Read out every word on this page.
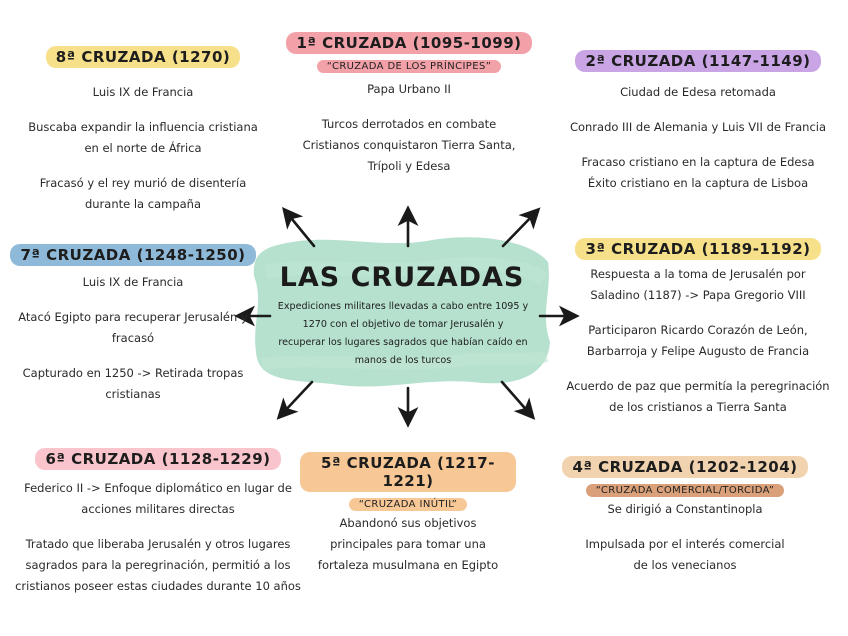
LAS CRUZADAS
Expediciones militares llevadas a cabo entre 1095 y
1270 con el objetivo de tomar Jerusalén y
recuperar los lugares sagrados que habían caído en
manos de los turcos
8ª CRUZADA (1270)
Luis IX de Francia
Buscaba expandir la influencia cristiana
en el norte de África
Fracasó y el rey murió de disentería
durante la campaña
1ª CRUZADA (1095-1099)
“CRUZADA DE LOS PRÍNCIPES”
Papa Urbano II
Turcos derrotados en combate
Cristianos conquistaron Tierra Santa,
Trípoli y Edesa
2ª CRUZADA (1147-1149)
Ciudad de Edesa retomada
Conrado III de Alemania y Luis VII de Francia
Fracaso cristiano en la captura de Edesa
Éxito cristiano en la captura de Lisboa
7ª CRUZADA (1248-1250)
Luis IX de Francia
Atacó Egipto para recuperar Jerusalén y
fracasó
Capturado en 1250 -> Retirada tropas
cristianas
3ª CRUZADA (1189-1192)
Respuesta a la toma de Jerusalén por
Saladino (1187) -> Papa Gregorio VIII
Participaron Ricardo Corazón de León,
Barbarroja y Felipe Augusto de Francia
Acuerdo de paz que permitía la peregrinación
de los cristianos a Tierra Santa
6ª CRUZADA (1128-1229)
Federico II -> Enfoque diplomático en lugar de
acciones militares directas
Tratado que liberaba Jerusalén y otros lugares
sagrados para la peregrinación, permitió a los
cristianos poseer estas ciudades durante 10 años
5ª CRUZADA (1217-1221)
“CRUZADA INÚTIL”
Abandonó sus objetivos
principales para tomar una
fortaleza musulmana en Egipto
4ª CRUZADA (1202-1204)
“CRUZADA COMERCIAL/TORCIDA”
Se dirigió a Constantinopla
Impulsada por el interés comercial
de los venecianos
